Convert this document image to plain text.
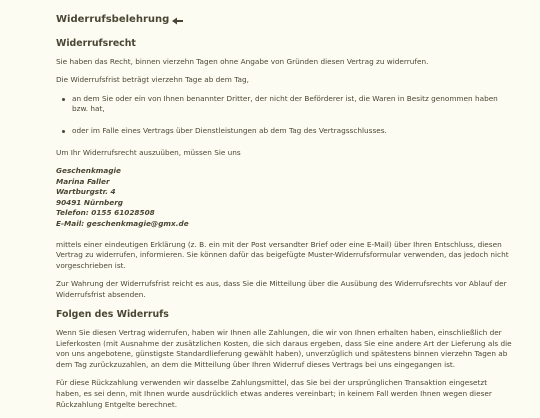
Widerrufsbelehrung
Widerrufsrecht

Sie haben das Recht, binnen vierzehn Tagen ohne Angabe von Gründen diesen Vertrag zu widerrufen.

Die Widerrufsfrist beträgt vierzehn Tage ab dem Tag,

an dem Sie oder ein von Ihnen benannter Dritter, der nicht der Beförderer ist, die Waren in Besitz genommen haben bzw. hat,
oder im Falle eines Vertrags über Dienstleistungen ab dem Tag des Vertragsschlusses.

Um Ihr Widerrufsrecht auszuüben, müssen Sie uns

Geschenkmagie
Marina Faller
Wartburgstr. 4
90491 Nürnberg
Telefon: 0155 61028508
E-Mail: geschenkmagie@gmx.de

mittels einer eindeutigen Erklärung (z. B. ein mit der Post versandter Brief oder eine E-Mail) über Ihren Entschluss, diesen Vertrag zu widerrufen, informieren. Sie können dafür das beigefügte Muster-Widerrufsformular verwenden, das jedoch nicht vorgeschrieben ist.

Zur Wahrung der Widerrufsfrist reicht es aus, dass Sie die Mitteilung über die Ausübung des Widerrufsrechts vor Ablauf der Widerrufsfrist absenden.

Folgen des Widerrufs

Wenn Sie diesen Vertrag widerrufen, haben wir Ihnen alle Zahlungen, die wir von Ihnen erhalten haben, einschließlich der Lieferkosten (mit Ausnahme der zusätzlichen Kosten, die sich daraus ergeben, dass Sie eine andere Art der Lieferung als die von uns angebotene, günstigste Standardlieferung gewählt haben), unverzüglich und spätestens binnen vierzehn Tagen ab dem Tag zurückzuzahlen, an dem die Mitteilung über Ihren Widerruf dieses Vertrags bei uns eingegangen ist.

Für diese Rückzahlung verwenden wir dasselbe Zahlungsmittel, das Sie bei der ursprünglichen Transaktion eingesetzt haben, es sei denn, mit Ihnen wurde ausdrücklich etwas anderes vereinbart; in keinem Fall werden Ihnen wegen dieser Rückzahlung Entgelte berechnet.
